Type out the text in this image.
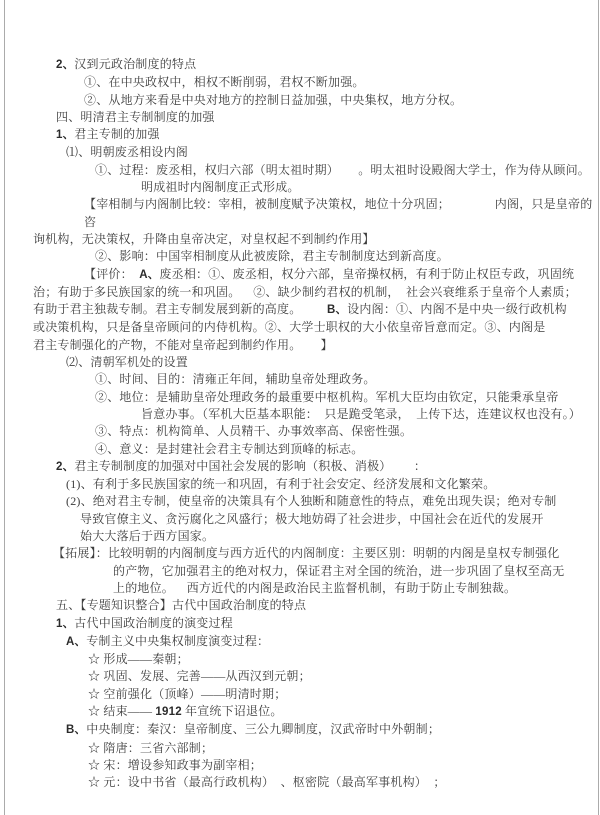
2、汉到元政治制度的特点
①、在中央政权中，相权不断削弱，君权不断加强。
②、从地方来看是中央对地方的控制日益加强，中央集权，地方分权。
四、明清君主专制制度的加强
1、君主专制的加强
⑴、明朝废丞相设内阁
①、过程：废丞相，权归六部（明太祖时期）      。明太祖时设殿阁大学士，作为侍从顾问。
明成祖时内阁制度正式形成。
【宰相制与内阁制比较：宰相，被制度赋予决策权，地位十分巩固；              内阁，只是皇帝的咨
询机构，无决策权，升降由皇帝决定，对皇权起不到制约作用】
②、影响：中国宰相制度从此被废除，君主专制制度达到新高度。
【评价：  A、废丞相：①、废丞相，权分六部，皇帝操权柄，有利于防止权臣专政，巩固统
治；有助于多民族国家的统一和巩固。    ②、缺少制约君权的机制，  社会兴衰维系于皇帝个人素质；
有助于君主独裁专制。君主专制发展到新的高度。        B、设内阁：①、内阁不是中央一级行政机构
或决策机构，只是备皇帝顾问的内侍机构。②、大学士职权的大小依皇帝旨意而定。③、内阁是
君主专制强化的产物，不能对皇帝起到制约作用。      】
⑵、清朝军机处的设置
①、时间、目的：清雍正年间，辅助皇帝处理政务。
②、地位：是辅助皇帝处理政务的最重要中枢机构。军机大臣均由钦定，只能秉承皇帝
旨意办事。（军机大臣基本职能：  只是跪受笔录，  上传下达，连建议权也没有。）
③、特点：机构简单、人员精干、办事效率高、保密性强。
④、意义：是封建社会君主专制达到顶峰的标志。
2、君主专制制度的加强对中国社会发展的影响（积极、消极）       ：
(1)、有利于多民族国家的统一和巩固，有利于社会安定、经济发展和文化繁荣。
(2)、绝对君主专制，使皇帝的决策具有个人独断和随意性的特点，难免出现失误；绝对专制
导致官僚主义、贪污腐化之风盛行；极大地妨碍了社会进步，中国社会在近代的发展开
始大大落后于西方国家。
【拓展】：比较明朝的内阁制度与西方近代的内阁制度：主要区别：明朝的内阁是皇权专制强化
的产物，它加强君主的绝对权力，保证君主对全国的统治，进一步巩固了皇权至高无
上的地位。    西方近代的内阁是政治民主监督机制，有助于防止专制独裁。
五、【专题知识整合】古代中国政治制度的特点
1、古代中国政治制度的演变过程
A、专制主义中央集权制度演变过程：
☆ 形成——秦朝；
☆ 巩固、发展、完善——从西汉到元朝；
☆ 空前强化（顶峰）——明清时期；
☆ 结束—— 1912 年宣统下诏退位。
B、中央制度：秦汉：皇帝制度、三公九卿制度，汉武帝时中外朝制；
☆ 隋唐：三省六部制；
☆ 宋：增设参知政事为副宰相；
☆ 元：设中书省（最高行政机构）  、枢密院（最高军事机构）  ；
